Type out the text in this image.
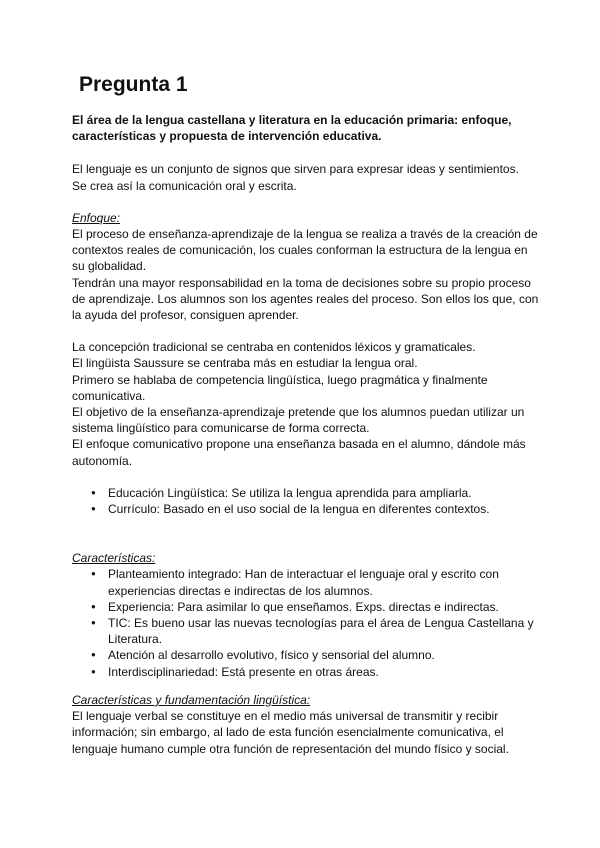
Pregunta 1

El área de la lengua castellana y literatura en la educación primaria: enfoque, características y propuesta de intervención educativa.

El lenguaje es un conjunto de signos que sirven para expresar ideas y sentimientos.

Se crea así la comunicación oral y escrita.

Enfoque:

El proceso de enseñanza-aprendizaje de la lengua se realiza a través de la creación de contextos reales de comunicación, los cuales conforman la estructura de la lengua en su globalidad.

Tendrán una mayor responsabilidad en la toma de decisiones sobre su propio proceso de aprendizaje. Los alumnos son los agentes reales del proceso. Son ellos los que, con la ayuda del profesor, consiguen aprender.

La concepción tradicional se centraba en contenidos léxicos y gramaticales.

El lingüista Saussure se centraba más en estudiar la lengua oral.

Primero se hablaba de competencia lingüística, luego pragmática y finalmente comunicativa.

El objetivo de la enseñanza-aprendizaje pretende que los alumnos puedan utilizar un sistema lingüístico para comunicarse de forma correcta.

El enfoque comunicativo propone una enseñanza basada en el alumno, dándole más autonomía.

● Educación Lingüística: Se utiliza la lengua aprendida para ampliarla.
● Currículo: Basado en el uso social de la lengua en diferentes contextos.

Características:

● Planteamiento integrado: Han de interactuar el lenguaje oral y escrito con experiencias directas e indirectas de los alumnos.
● Experiencia: Para asimilar lo que enseñamos. Exps. directas e indirectas.
● TIC: Es bueno usar las nuevas tecnologías para el área de Lengua Castellana y Literatura.
● Atención al desarrollo evolutivo, físico y sensorial del alumno.
● Interdisciplinariedad: Está presente en otras áreas.

Características y fundamentación lingüística:

El lenguaje verbal se constituye en el medio más universal de transmitir y recibir información; sin embargo, al lado de esta función esencialmente comunicativa, el lenguaje humano cumple otra función de representación del mundo físico y social.
